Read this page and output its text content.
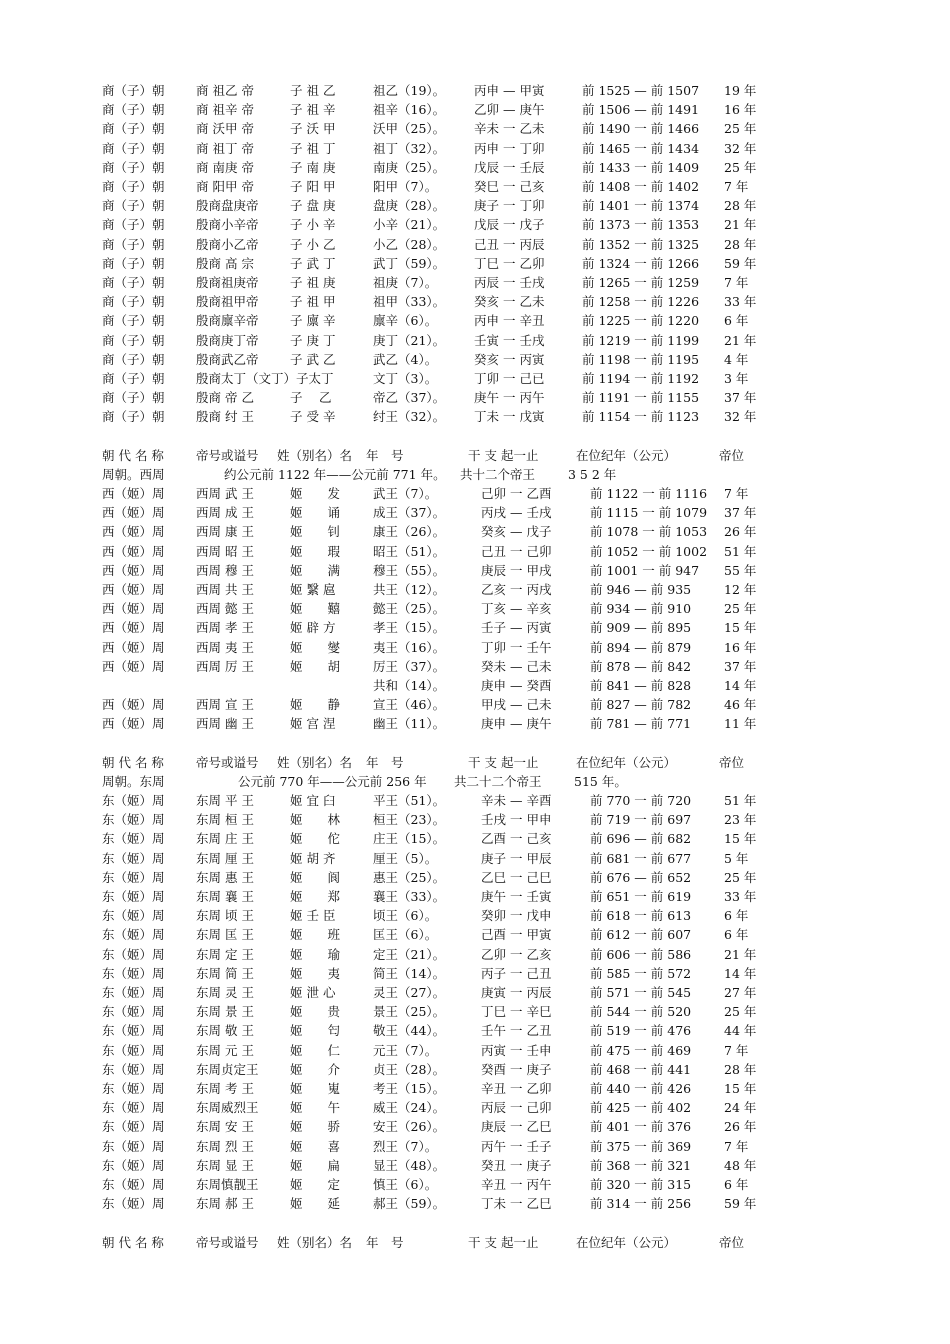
商（子）朝	商 祖乙 帝	子 祖 乙	祖乙（19）。 丙申 — 甲寅	前 1525 — 前 1507 19 年
商（子）朝	商 祖辛 帝	子 祖 辛	祖辛（16）。 乙卯 — 庚午	前 1506 — 前 1491 16 年
商（子）朝	商 沃甲 帝	子 沃 甲	沃甲（25）。 辛未 一 乙未	前 1490 一 前 1466 25 年
商（子）朝	商 祖丁 帝	子 祖 丁	祖丁（32）。 丙申 一 丁卯	前 1465 一 前 1434 32 年
商（子）朝	商 南庚 帝	子 南 庚	南庚（25）。 戊辰 一 壬辰	前 1433 一 前 1409 25 年
商（子）朝	商 阳甲 帝	子 阳 甲	阳甲（7）。	癸巳 一 己亥	前 1408 一 前 1402 7 年
商（子）朝	殷商盘庚帝	子 盘 庚	盘庚（28）。 庚子 一 丁卯	前 1401 一 前 1374 28 年
商（子）朝	殷商小辛帝	子 小 辛	小辛（21）。 戊辰 一 戊子	前 1373 一 前 1353 21 年
商（子）朝	殷商小乙帝	子 小 乙	小乙（28）。 己丑 一 丙辰	前 1352 一 前 1325 28 年
商（子）朝	殷商 高 宗	子 武 丁	武丁（59）。 丁巳 一 乙卯	前 1324 一 前 1266 59 年
商（子）朝	殷商祖庚帝	子 祖 庚	祖庚（7）。	丙辰 一 壬戌	前 1265 一 前 1259 7 年
商（子）朝	殷商祖甲帝	子 祖 甲	祖甲（33）。 癸亥 一 乙未	前 1258 一 前 1226 33 年
商（子）朝	殷商廪辛帝	子 廪 辛	廪辛（6）。	丙申 一 辛丑	前 1225 一 前 1220 6 年
商（子）朝	殷商庚丁帝	子 庚 丁	庚丁（21）。 壬寅 一 壬戌	前 1219 一 前 1199 21 年
商（子）朝	殷商武乙帝	子 武 乙	武乙（4）。	癸亥 一 丙寅	前 1198 一 前 1195 4 年
商（子）朝	殷商太丁（文丁）子太丁	文丁（3）。	丁卯 一 己已	前 1194 一 前 1192 3 年
商（子）朝	殷商 帝 乙	子　 乙	帝乙（37）。 庚午 一 丙午	前 1191 一 前 1155 37 年
商（子）朝	殷商 纣 王	子 受 辛	纣王（32）。 丁未 一 戊寅	前 1154 一 前 1123 32 年
朝 代 名 称	帝号或谥号 姓（别名）名 年　号	干 支 起一止	在位纪年（公元）	帝位
周朝。西周	约公元前 1122 年——公元前 771 年。 共十二个帝王	3 5 2 年
西（姬）周	西周 武 王	姬　　发	武王（7）。	己卯 一 乙酉	前 1122 一 前 1116 7 年
西（姬）周	西周 成 王	姬　　诵	成王（37）。	丙戌 — 壬戌	前 1115 一 前 1079 37 年
西（姬）周	西周 康 王	姬　　钊	康王（26）。	癸亥 — 戊子	前 1078 一 前 1053 26 年
西（姬）周	西周 昭 王	姬　　瑕	昭王（51）。	己丑 一 己卯	前 1052 一 前 1002 51 年
西（姬）周	西周 穆 王	姬　　满	穆王（55）。	庚辰 一 甲戌	前 1001 一 前 947 55 年
西（姬）周	西周 共 王	姬 繄 扈	共王（12）。	乙亥 一 丙戌	前 946 — 前 935	12 年
西（姬）周	西周 懿 王	姬　　囏	懿王（25）。	丁亥 — 辛亥	前 934 — 前 910	25 年
西（姬）周	西周 孝 王	姬 辟 方	孝王（15）。	壬子 — 丙寅	前 909 — 前 895	15 年
西（姬）周	西周 夷 王	姬　　燮	夷王（16）。	丁卯 一 壬午	前 894 — 前 879	16 年
西（姬）周	西周 厉 王	姬　　胡	厉王（37）。	癸未 — 己未	前 878 — 前 842	37 年
共和（14）。	庚申 — 癸酉	前 841 — 前 828	14 年
西（姬）周	西周 宣 王	姬　　静	宣王（46）。	甲戌 — 己未	前 827 — 前 782	46 年
西（姬）周	西周 幽 王	姬 宫 涅	幽王（11）。	庚申 — 庚午	前 781 — 前 771	11 年
朝 代 名 称	帝号或谥号 姓（别名）名 年　号	干 支 起一止	在位纪年（公元）	帝位
周朝。东周	公元前 770 年——公元前 256 年 共二十二个帝王	515 年。
东（姬）周	东周 平 王	姬 宜 臼	平王（51）。	辛未 — 辛酉	前 770 一 前 720	51 年
东（姬）周	东周 桓 王	姬　　林	桓王（23）。	壬戌 一 甲申	前 719 一 前 697	23 年
东（姬）周	东周 庄 王	姬　　佗	庄王（15）。	乙酉 一 己亥	前 696 — 前 682	15 年
东（姬）周	东周 厘 王	姬 胡 齐	厘王（5）。	庚子 一 甲辰	前 681 一 前 677	5 年
东（姬）周	东周 惠 王	姬　　阆	惠王（25）。	乙巳 一 己巳	前 676 — 前 652	25 年
东（姬）周	东周 襄 王	姬　　郑	襄王（33）。	庚午 一 壬寅	前 651 一 前 619	33 年
东（姬）周	东周 顷 王	姬 壬 臣	顷王（6）。	癸卯 一 戊申	前 618 一 前 613	6 年
东（姬）周	东周 匡 王	姬　　班	匡王（6）。	己酉 一 甲寅	前 612 一 前 607	6 年
东（姬）周	东周 定 王	姬　　瑜	定王（21）。	乙卯 一 乙亥	前 606 一 前 586	21 年
东（姬）周	东周 简 王	姬　　夷	简王（14）。	丙子 一 己丑	前 585 一 前 572	14 年
东（姬）周	东周 灵 王	姬 泄 心	灵王（27）。	庚寅 一 丙辰	前 571 一 前 545	27 年
东（姬）周	东周 景 王	姬　　贵	景王（25）。	丁巳 一 辛巳	前 544 一 前 520	25 年
东（姬）周	东周 敬 王	姬　　匄	敬王（44）。	壬午 一 乙丑	前 519 一 前 476	44 年
东（姬）周	东周 元 王	姬　　仁	元王（7）。	丙寅 一 壬申	前 475 一 前 469	7 年
东（姬）周	东周贞定王	姬　　介	贞王（28）。	癸酉 一 庚子	前 468 一 前 441	28 年
东（姬）周	东周 考 王	姬　　嵬	考王（15）。	辛丑 一 乙卯	前 440 一 前 426	15 年
东（姬）周	东周威烈王	姬　　午	威王（24）。	丙辰 一 己卯	前 425 一 前 402	24 年
东（姬）周	东周 安 王	姬　　骄	安王（26）。	庚辰 一 乙巳	前 401 一 前 376	26 年
东（姬）周	东周 烈 王	姬　　喜	烈王（7）。	丙午 一 壬子	前 375 一 前 369	7 年
东（姬）周	东周 显 王	姬　　扁	显王（48）。	癸丑 一 庚子	前 368 一 前 321	48 年
东（姬）周	东周慎靓王	姬　　定	慎王（6）。	辛丑 一 丙午	前 320 一 前 315	6 年
东（姬）周	东周 郝 王	姬　　延	郝王（59）。	丁未 一 乙巳	前 314 一 前 256	59 年
朝 代 名 称	帝号或谥号 姓（别名）名 年　号	干 支 起一止	在位纪年（公元）	帝位
